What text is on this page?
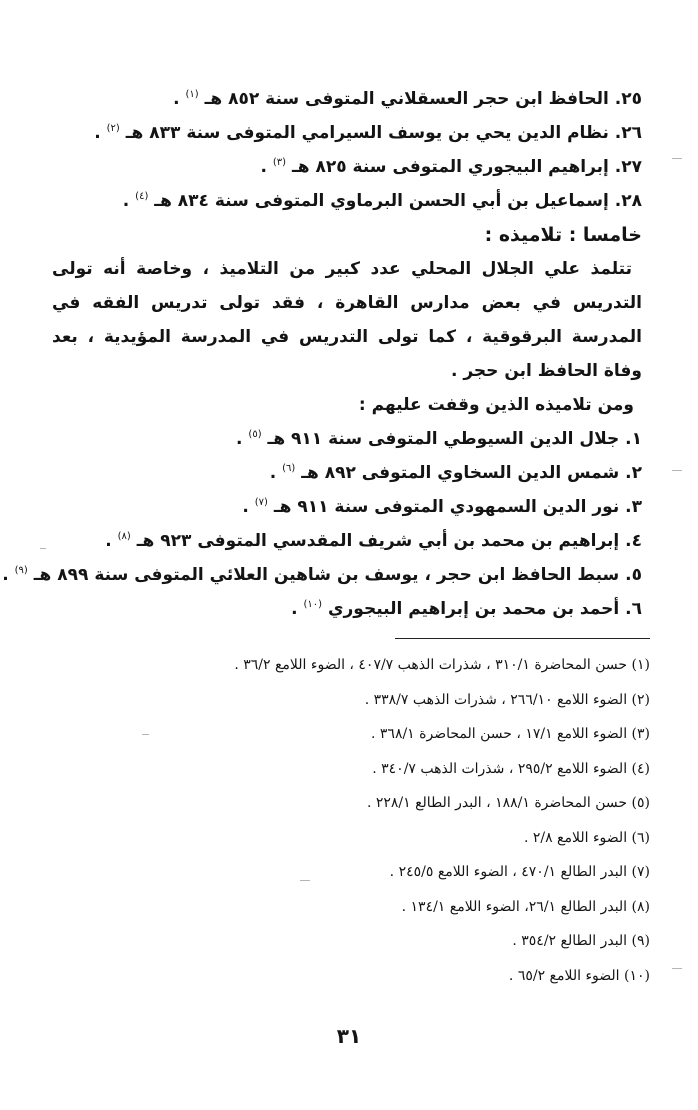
٢٥. الحافظ ابن حجر العسقلاني المتوفى سنة ٨٥٢ هـ $^{(١)}$ .

٢٦. نظام الدين يحي بن يوسف السيرامي المتوفى سنة ٨٣٣ هـ $^{(٢)}$ .

٢٧. إبراهيم البيجوري المتوفى سنة ٨٢٥ هـ $^{(٣)}$ .

٢٨. إسماعيل بن أبي الحسن البرماوي المتوفى سنة ٨٣٤ هـ $^{(٤)}$ .

خامسا : تلاميذه :

تتلمذ علي الجلال المحلي عدد كبير من التلاميذ ، وخاصة أنه تولى التدريس في بعض مدارس القاهرة ، فقد تولى تدريس الفقه في المدرسة البرقوقية ، كما تولى التدريس في المدرسة المؤيدية ، بعد وفاة الحافظ ابن حجر .

ومن تلاميذه الذين وقفت عليهم :

١. جلال الدين السيوطي المتوفى سنة ٩١١ هـ $^{(٥)}$ .

٢. شمس الدين السخاوي المتوفى ٨٩٢ هـ $^{(٦)}$ .

٣. نور الدين السمهودي المتوفى سنة ٩١١ هـ $^{(٧)}$ .

٤. إبراهيم بن محمد بن أبي شريف المقدسي المتوفى ٩٢٣ هـ $^{(٨)}$ .

٥. سبط الحافظ ابن حجر ، يوسف بن شاهين العلائي المتوفى سنة ٨٩٩ هـ $^{(٩)}$ .

٦. أحمد بن محمد بن إبراهيم البيجوري $^{(١٠)}$ .

(١) حسن المحاضرة ٣١٠/١ ، شذرات الذهب ٤٠٧/٧ ، الضوء اللامع ٣٦/٢ .

(٢) الضوء اللامع ٢٦٦/١٠ ، شذرات الذهب ٣٣٨/٧ .

(٣) الضوء اللامع ١٧/١ ، حسن المحاضرة ٣٦٨/١ .

(٤) الضوء اللامع ٢٩٥/٢ ، شذرات الذهب ٣٤٠/٧ .

(٥) حسن المحاضرة ١٨٨/١ ، البدر الطالع ٢٢٨/١ .

(٦) الضوء اللامع ٢/٨ .

(٧) البدر الطالع ٤٧٠/١ ، الضوء اللامع ٢٤٥/٥ .

(٨) البدر الطالع ٢٦/١، الضوء اللامع ١٣٤/١ .

(٩) البدر الطالع ٣٥٤/٢ .

(١٠) الضوء اللامع ٦٥/٢ .

٣١
